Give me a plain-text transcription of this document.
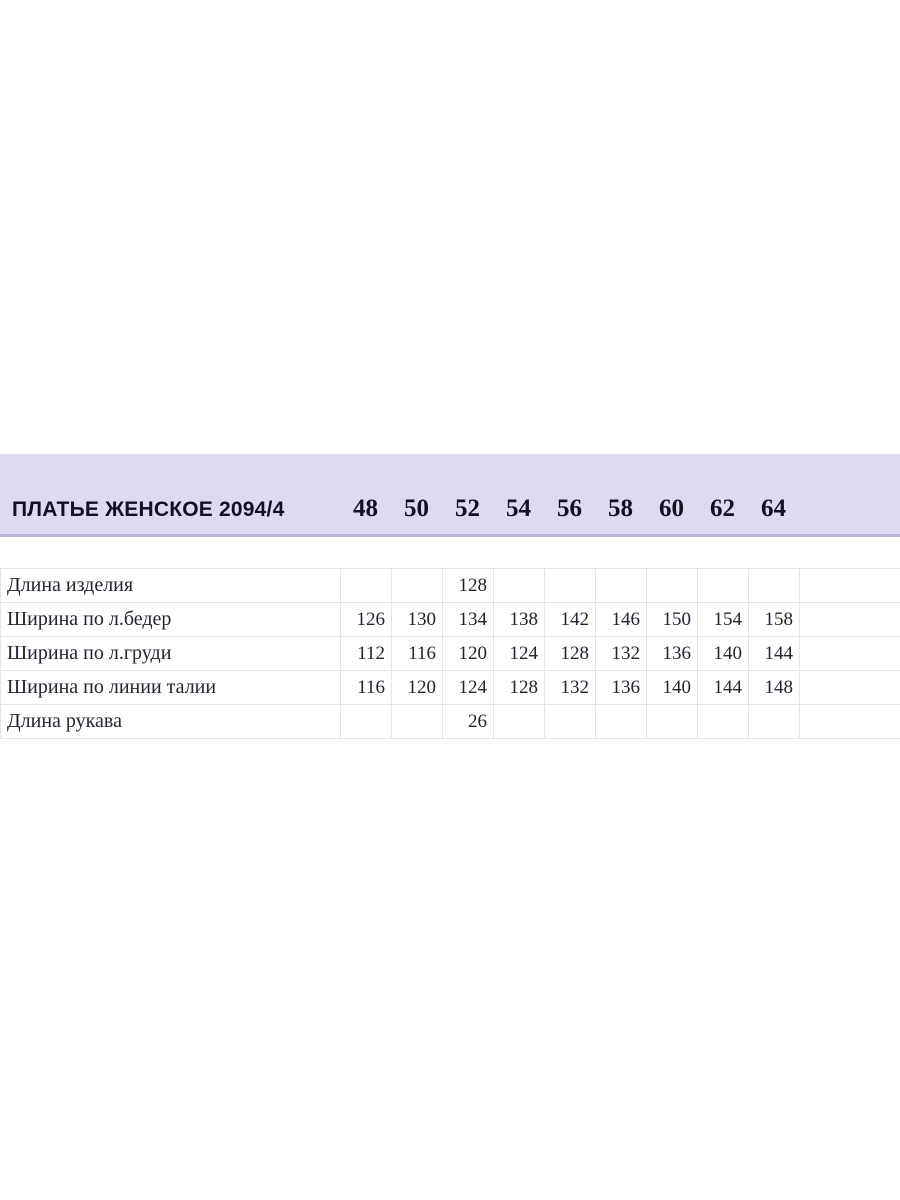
ПЛАТЬЕ ЖЕНСКОЕ 2094/4	48	50	52	54	56	58	60	62	64
Длина изделия			128							
Ширина по л.бедер	126	130	134	138	142	146	150	154	158	
Ширина по л.груди	112	116	120	124	128	132	136	140	144	
Ширина по линии талии	116	120	124	128	132	136	140	144	148	
Длина рукава			26							
